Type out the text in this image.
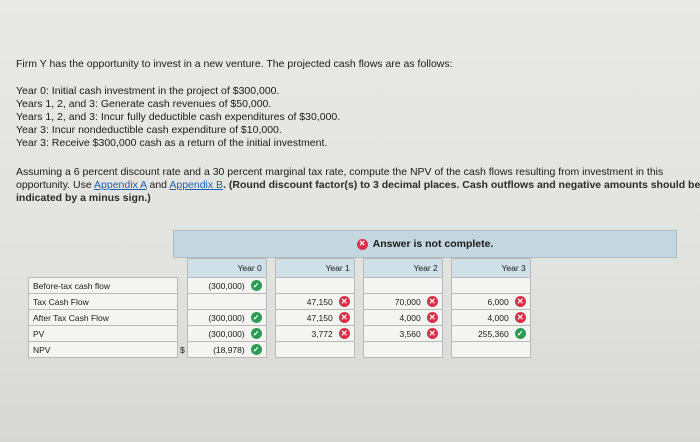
Firm Y has the opportunity to invest in a new venture. The projected cash flows are as follows:

Year 0: Initial cash investment in the project of $300,000.

Years 1, 2, and 3: Generate cash revenues of $50,000.

Years 1, 2, and 3: Incur fully deductible cash expenditures of $30,000.

Year 3: Incur nondeductible cash expenditure of $10,000.

Year 3: Receive $300,000 cash as a return of the initial investment.

Assuming a 6 percent discount rate and a 30 percent marginal tax rate, compute the NPV of the cash flows resulting from investment in this opportunity. Use Appendix A and Appendix B. (Round discount factor(s) to 3 decimal places. Cash outflows and negative amounts should be indicated by a minus sign.)
✕ Answer is not complete.
		Year 0		Year 1		Year 2		Year 3
Before-tax cash flow		(300,000) ✓						

Tax Cash Flow				47,150 ✕		70,000 ✕		6,000 ✕

After Tax Cash Flow		(300,000) ✓		47,150 ✕		4,000 ✕		4,000 ✕

PV		(300,000) ✓		3,772 ✕		3,560 ✕		255,360 ✓

NPV	$	(18,978) ✓						
